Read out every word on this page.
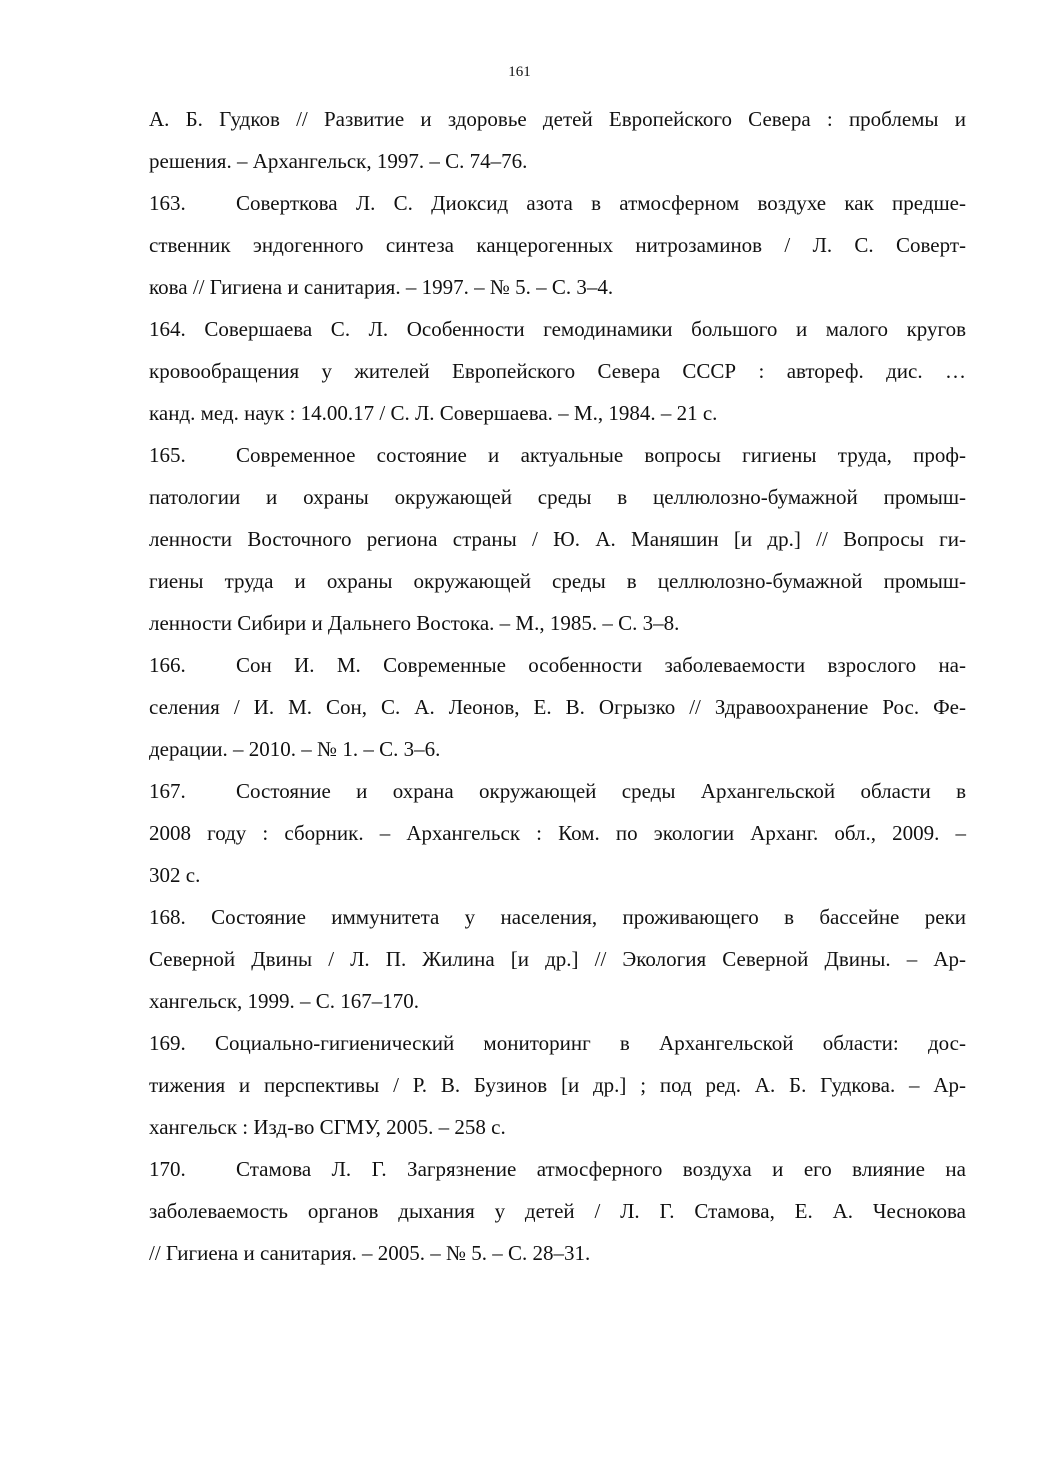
161
А. Б. Гудков // Развитие и здоровье детей Европейского Севера : проблемы и
решения. – Архангельск, 1997. – С. 74–76.
163. Соверткова Л. С. Диоксид азота в атмосферном воздухе как предше-
ственник эндогенного синтеза канцерогенных нитрозаминов / Л. С. Соверт-
кова // Гигиена и санитария. – 1997. – № 5. – С. 3–4.
164. Совершаева С. Л. Особенности гемодинамики большого и малого кругов
кровообращения у жителей Европейского Севера СССР : автореф. дис. …
канд. мед. наук : 14.00.17 / С. Л. Совершаева. – М., 1984. – 21 с.
165. Современное состояние и актуальные вопросы гигиены труда, проф-
патологии и охраны окружающей среды в целлюлозно-бумажной промыш-
ленности Восточного региона страны / Ю. А. Маняшин [и др.] // Вопросы ги-
гиены труда и охраны окружающей среды в целлюлозно-бумажной промыш-
ленности Сибири и Дальнего Востока. – М., 1985. – С. 3–8.
166. Сон И. М. Современные особенности заболеваемости взрослого на-
селения / И. М. Сон, С. А. Леонов, Е. В. Огрызко // Здравоохранение Рос. Фе-
дерации. – 2010. – № 1. – С. 3–6.
167. Состояние и охрана окружающей среды Архангельской области в
2008 году : сборник. – Архангельск : Ком. по экологии Арханг. обл., 2009. –
302 с.
168. Состояние иммунитета у населения, проживающего в бассейне реки
Северной Двины / Л. П. Жилина [и др.] // Экология Северной Двины. – Ар-
хангельск, 1999. – С. 167–170.
169. Социально-гигиенический мониторинг в Архангельской области: дос-
тижения и перспективы / Р. В. Бузинов [и др.] ; под ред. А. Б. Гудкова. – Ар-
хангельск : Изд-во СГМУ, 2005. – 258 с.
170. Стамова Л. Г. Загрязнение атмосферного воздуха и его влияние на
заболеваемость органов дыхания у детей / Л. Г. Стамова, Е. А. Чеснокова
// Гигиена и санитария. – 2005. – № 5. – С. 28–31.
